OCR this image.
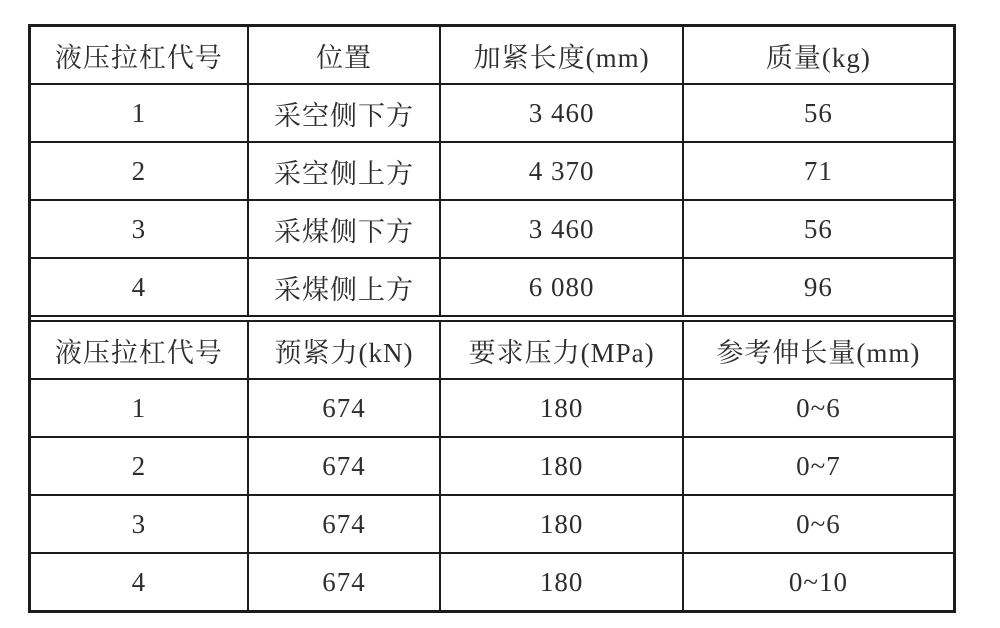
液压拉杠代号	位置	加紧长度(mm)	质量(kg)
1	采空侧下方	3 460	56
2	采空侧上方	4 370	71
3	采煤侧下方	3 460	56
4	采煤侧上方	6 080	96
液压拉杠代号	预紧力(kN)	要求压力(MPa)	参考伸长量(mm)
1	674	180	0~6
2	674	180	0~7
3	674	180	0~6
4	674	180	0~10
